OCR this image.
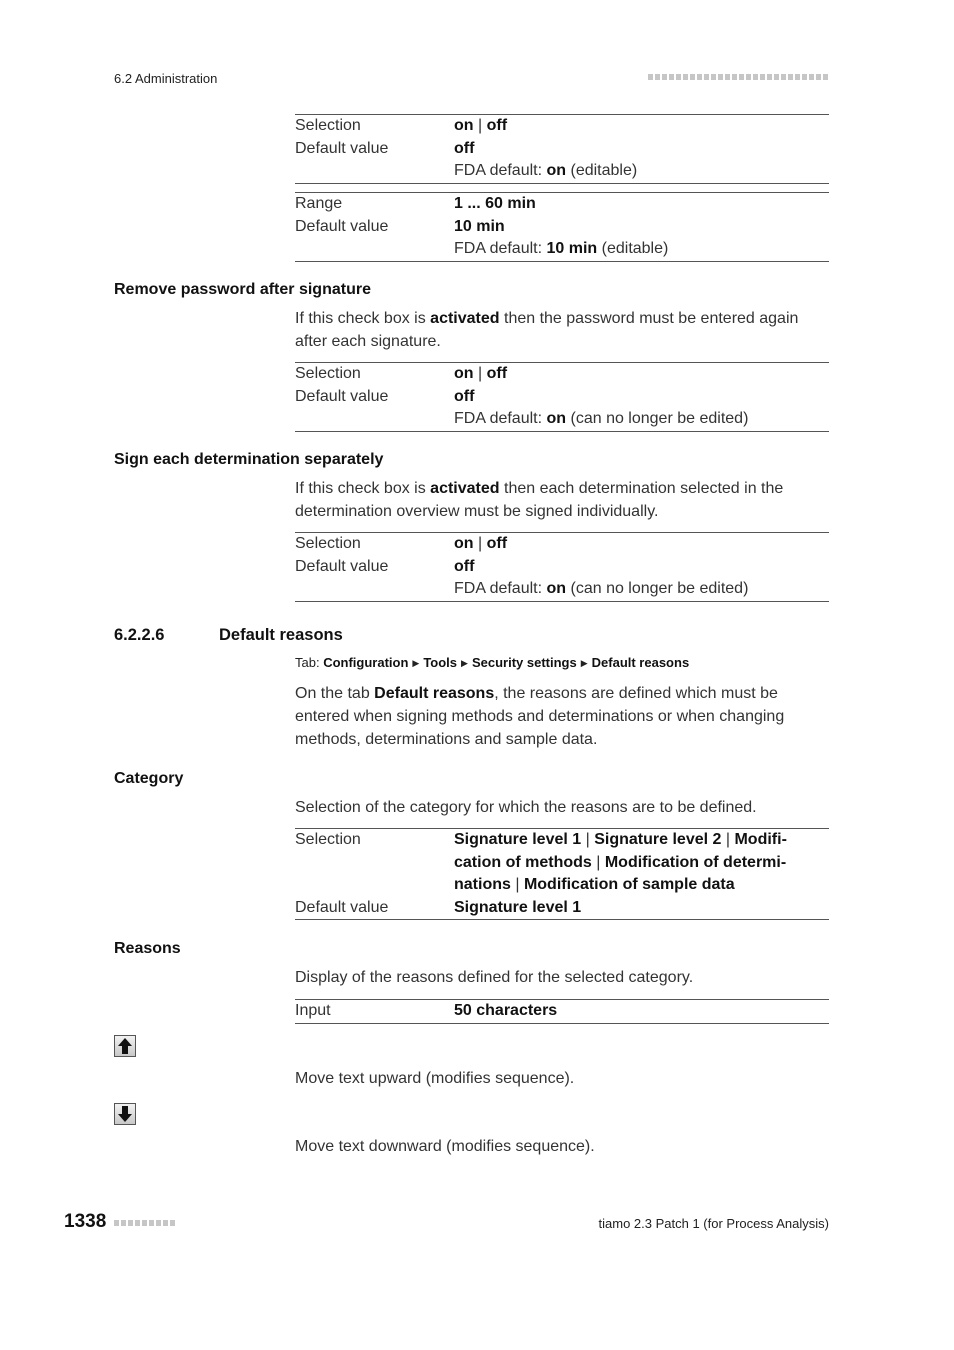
6.2 Administration
Selection	on | off
Default value	off
FDA default: on (editable)
Range	1 ... 60 min
Default value	10 min
FDA default: 10 min (editable)
Remove password after signature
If this check box is activated then the password must be entered again after each signature.
Selection	on | off
Default value	off
FDA default: on (can no longer be edited)
Sign each determination separately
If this check box is activated then each determination selected in the determination overview must be signed individually.
Selection	on | off
Default value	off
FDA default: on (can no longer be edited)
6.2.2.6	Default reasons
Tab: Configuration ▶ Tools ▶ Security settings ▶ Default reasons
On the tab Default reasons, the reasons are defined which must be entered when signing methods and determinations or when changing methods, determinations and sample data.
Category
Selection of the category for which the reasons are to be defined.
Selection	Signature level 1 | Signature level 2 | Modifi-
cation of methods | Modification of determi-
nations | Modification of sample data
Default value	Signature level 1
Reasons
Display of the reasons defined for the selected category.
Input	50 characters
Move text upward (modifies sequence).
Move text downward (modifies sequence).
1338	tiamo 2.3 Patch 1 (for Process Analysis)
